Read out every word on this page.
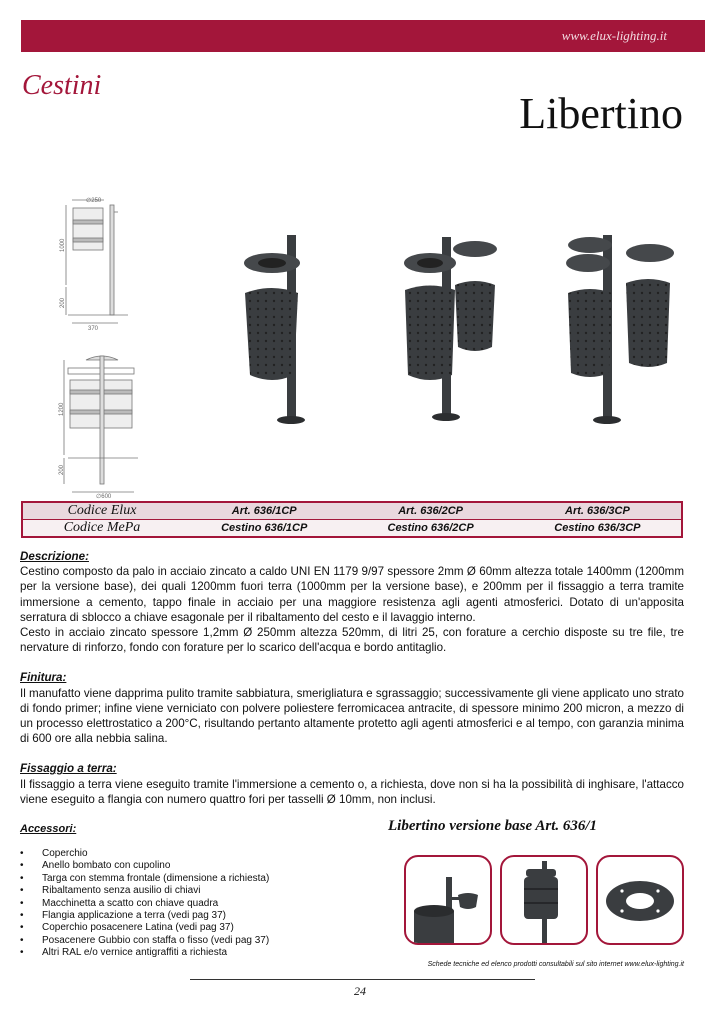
www.elux-lighting.it
Cestini
Libertino
∅250
1000
200
370
1200
200
∅600
Codice Elux	Art. 636/1CP	Art. 636/2CP	Art. 636/3CP
Codice MePa	Cestino 636/1CP	Cestino 636/2CP	Cestino 636/3CP
Descrizione:

Cestino composto da palo in acciaio zincato a caldo UNI EN 1179 9/97 spessore 2mm Ø 60mm altezza totale 1400mm (1200mm per la versione base), dei quali 1200mm fuori terra (1000mm per la versione base), e 200mm per il fissaggio a terra tramite immersione a cemento, tappo finale in acciaio per una maggiore resistenza agli agenti atmosferici. Dotato di un'apposita serratura di sblocco a chiave esagonale per il ribaltamento del cesto e il lavaggio interno.

Cesto in acciaio zincato spessore 1,2mm Ø 250mm altezza 520mm, di litri 25, con forature a cerchio disposte su tre file, tre nervature di rinforzo, fondo con forature per lo scarico dell'acqua e bordo antitaglio.

Finitura:

Il manufatto viene dapprima pulito tramite sabbiatura, smerigliatura e sgrassaggio; successivamente gli viene applicato uno strato di fondo primer; infine viene verniciato con polvere poliestere ferromicacea antracite, di spessore minimo 200 micron, a mezzo di un processo elettrostatico a 200°C, risultando pertanto altamente protetto agli agenti atmosferici e al tempo, con garanzia minima di 600 ore alla nebbia salina.

Fissaggio a terra:

Il fissaggio a terra viene eseguito tramite l'immersione a cemento o, a richiesta, dove non si ha la possibilità di inghisare, l'attacco viene eseguito a flangia con numero quattro fori per tasselli Ø 10mm, non inclusi.

Accessori:
• Coperchio
• Anello bombato con cupolino
• Targa con stemma frontale (dimensione a richiesta)
• Ribaltamento senza ausilio di chiavi
• Macchinetta a scatto con chiave quadra
• Flangia applicazione a terra (vedi pag 37)
• Coperchio posacenere Latina (vedi pag 37)
• Posacenere Gubbio con staffa o fisso (vedi pag 37)
• Altri RAL e/o vernice antigraffiti a richiesta
Libertino versione base Art. 636/1
Schede tecniche ed elenco prodotti consultabili sul sito internet www.elux-lighting.it
24
